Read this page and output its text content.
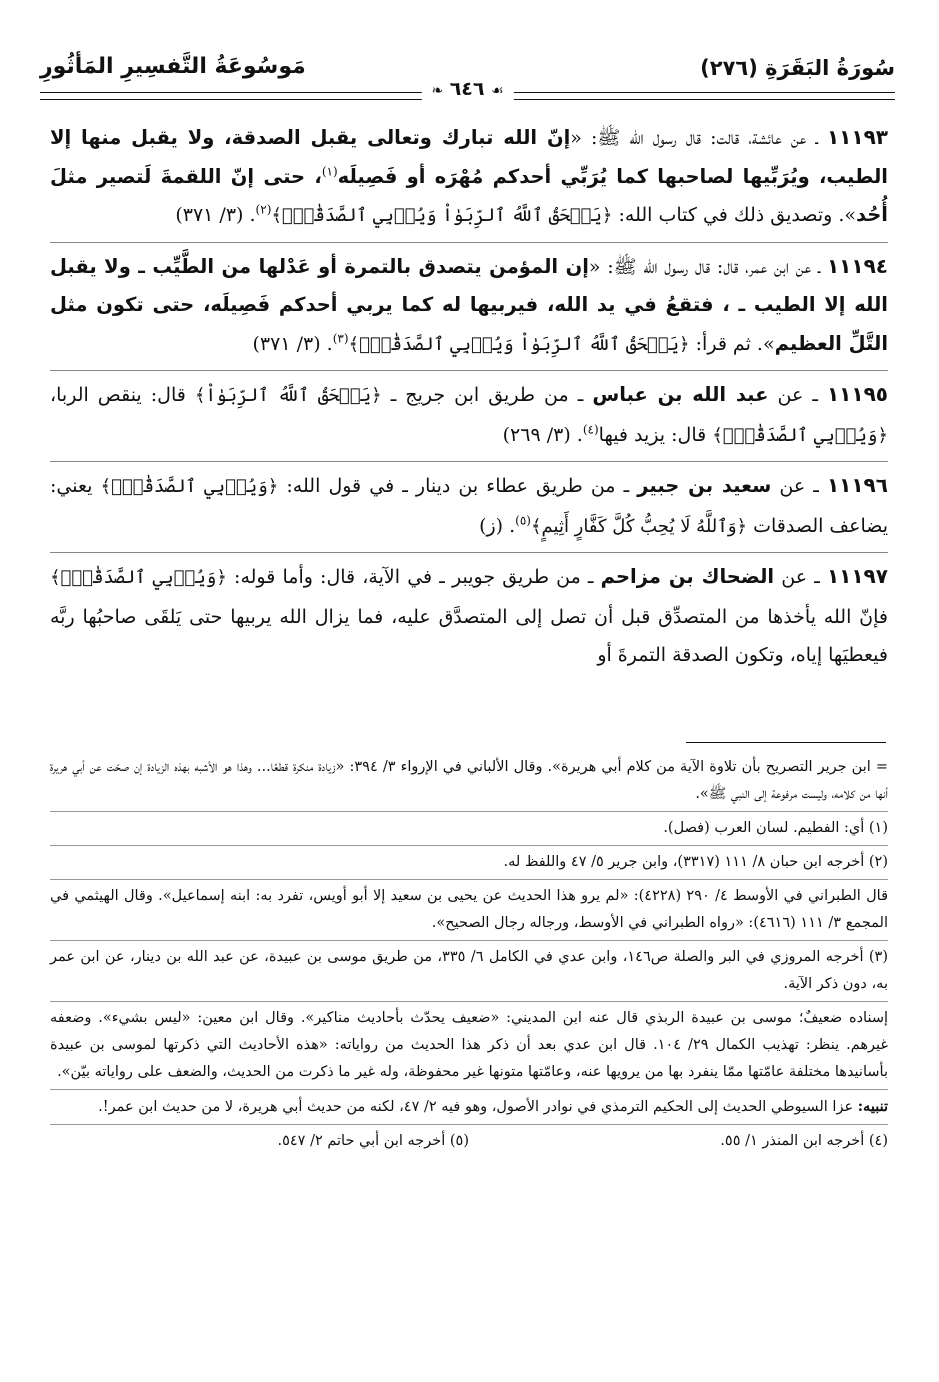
سُورَةُ البَقَرَةِ (٢٧٦)
مَوسُوعَةُ التَّفسِيرِ المَأثُورِ
❧ ٦٤٦ ☙
١١١٩٣ ـ عن عائشة، قالت: قال رسول الله ﷺ: «إنّ الله تبارك وتعالى يقبل الصدقة، ولا يقبل منها إلا الطيب، ويُرَبِّيها لصاحبها كما يُرَبِّي أحدكم مُهْرَه أو فَصِيلَه$^{(١)}$، حتى إنّ اللقمةَ لَتصير مثلَ أُحُد». وتصديق ذلك في كتاب الله: ﴿يَمۡحَقُ ٱللَّهُ ٱلرِّبَوٰاْ وَيُرۡبِي ٱلصَّدَقَٰتِۗ﴾$^{(٢)}$. (٣/ ٣٧١)
١١١٩٤ ـ عن ابن عمر، قال: قال رسول الله ﷺ: «إن المؤمن يتصدق بالتمرة أو عَدْلها من الطَّيِّب ـ ولا يقبل الله إلا الطيب ـ ، فتقعُ في يد الله، فيربيها له كما يربي أحدكم فَصِيلَه، حتى تكون مثل التَّلِّ العظيم». ثم قرأ: ﴿يَمۡحَقُ ٱللَّهُ ٱلرِّبَوٰاْ وَيُرۡبِي ٱلصَّدَقَٰتِۗ﴾$^{(٣)}$. (٣/ ٣٧١)
١١١٩٥ ـ عن عبد الله بن عباس ـ من طريق ابن جريج ـ ﴿يَمۡحَقُ ٱللَّهُ ٱلرِّبَوٰاْ﴾ قال: ينقص الربا، ﴿وَيُرۡبِي ٱلصَّدَقَٰتِۗ﴾ قال: يزيد فيها$^{(٤)}$. (٣/ ٢٦٩)
١١١٩٦ ـ عن سعيد بن جبير ـ من طريق عطاء بن دينار ـ في قول الله: ﴿وَيُرۡبِي ٱلصَّدَقَٰتِۗ﴾ يعني: يضاعف الصدقات ﴿وَٱللَّهُ لَا يُحِبُّ كُلَّ كَفَّارٍ أَثِيمٍ﴾$^{(٥)}$. (ز)
١١١٩٧ ـ عن الضحاك بن مزاحم ـ من طريق جويبر ـ في الآية، قال: وأما قوله: ﴿وَيُرۡبِي ٱلصَّدَقَٰتِۗ﴾ فإنّ الله يأخذها من المتصدِّق قبل أن تصل إلى المتصدَّق عليه، فما يزال الله يربيها حتى يَلقَى صاحبُها ربَّه فيعطيَها إياه، وتكون الصدقة التمرةَ أو
= ابن جرير التصريح بأن تلاوة الآية من كلام أبي هريرة». وقال الألباني في الإرواء ٣/ ٣٩٤: «زيادة منكرة قطعًا... وهذا هو الأشبه بهذه الزيادة إن صحّت عن أبي هريرة أنها من كلامه، وليست مرفوعة إلى النبي ﷺ».
(١) أي: الفطيم. لسان العرب (فصل).
(٢) أخرجه ابن حبان ٨/ ١١١ (٣٣١٧)، وابن جرير ٥/ ٤٧ واللفظ له.
قال الطبراني في الأوسط ٤/ ٢٩٠ (٤٢٢٨): «لم يرو هذا الحديث عن يحيى بن سعيد إلا أبو أويس، تفرد به: ابنه إسماعيل». وقال الهيثمي في المجمع ٣/ ١١١ (٤٦١٦): «رواه الطبراني في الأوسط، ورجاله رجال الصحيح».
(٣) أخرجه المروزي في البر والصلة ص١٤٦، وابن عدي في الكامل ٦/ ٣٣٥، من طريق موسى بن عبيدة، عن عبد الله بن دينار، عن ابن عمر به، دون ذكر الآية.
إسناده ضعيفٌ؛ موسى بن عبيدة الربذي قال عنه ابن المديني: «ضعيف يحدّث بأحاديث مناكير». وقال ابن معين: «ليس بشيء». وضعفه غيرهم. ينظر: تهذيب الكمال ٢٩/ ١٠٤. قال ابن عدي بعد أن ذكر هذا الحديث من رواياته: «هذه الأحاديث التي ذكرتها لموسى بن عبيدة بأسانيدها مختلفة عامّتها ممّا ينفرد بها من يرويها عنه، وعامّتها متونها غير محفوظة، وله غير ما ذكرت من الحديث، والضعف على رواياته بيّن».
تنبيه: عزا السيوطي الحديث إلى الحكيم الترمذي في نوادر الأصول، وهو فيه ٢/ ٤٧، لكنه من حديث أبي هريرة، لا من حديث ابن عمر!.
(٤) أخرجه ابن المنذر ١/ ٥٥.
(٥) أخرجه ابن أبي حاتم ٢/ ٥٤٧.
